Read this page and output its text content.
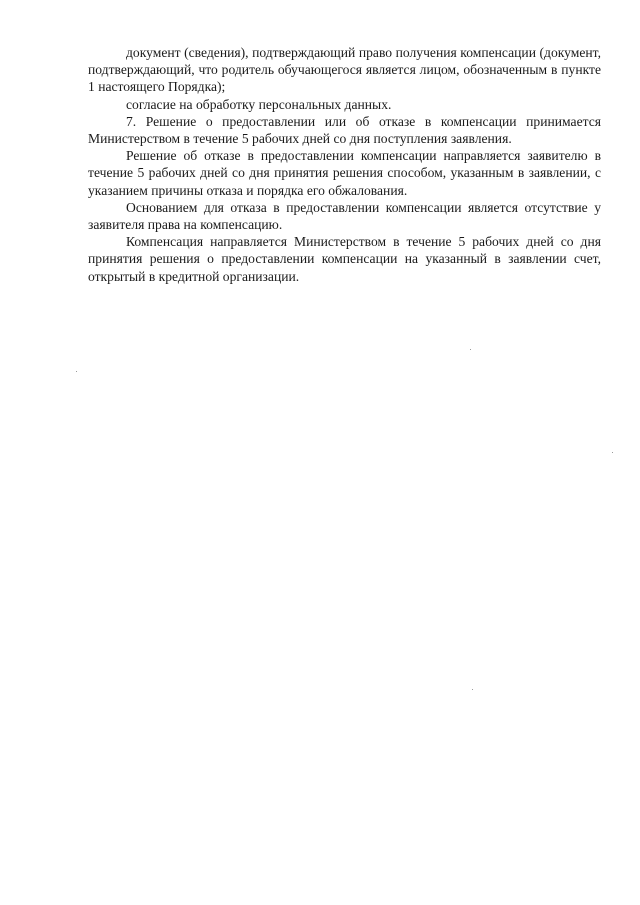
документ (сведения), подтверждающий право получения компенсации (документ, подтверждающий, что родитель обучающегося является лицом, обозначенным в пункте 1 настоящего Порядка);

согласие на обработку персональных данных.

7. Решение о предоставлении или об отказе в компенсации принимается Министерством в течение 5 рабочих дней со дня поступления заявления.

Решение об отказе в предоставлении компенсации направляется заявителю в течение 5 рабочих дней со дня принятия решения способом, указанным в заявлении, с указанием причины отказа и порядка его обжалования.

Основанием для отказа в предоставлении компенсации является отсутствие у заявителя права на компенсацию.

Компенсация направляется Министерством в течение 5 рабочих дней со дня принятия решения о предоставлении компенсации на указанный в заявлении счет, открытый в кредитной организации.
